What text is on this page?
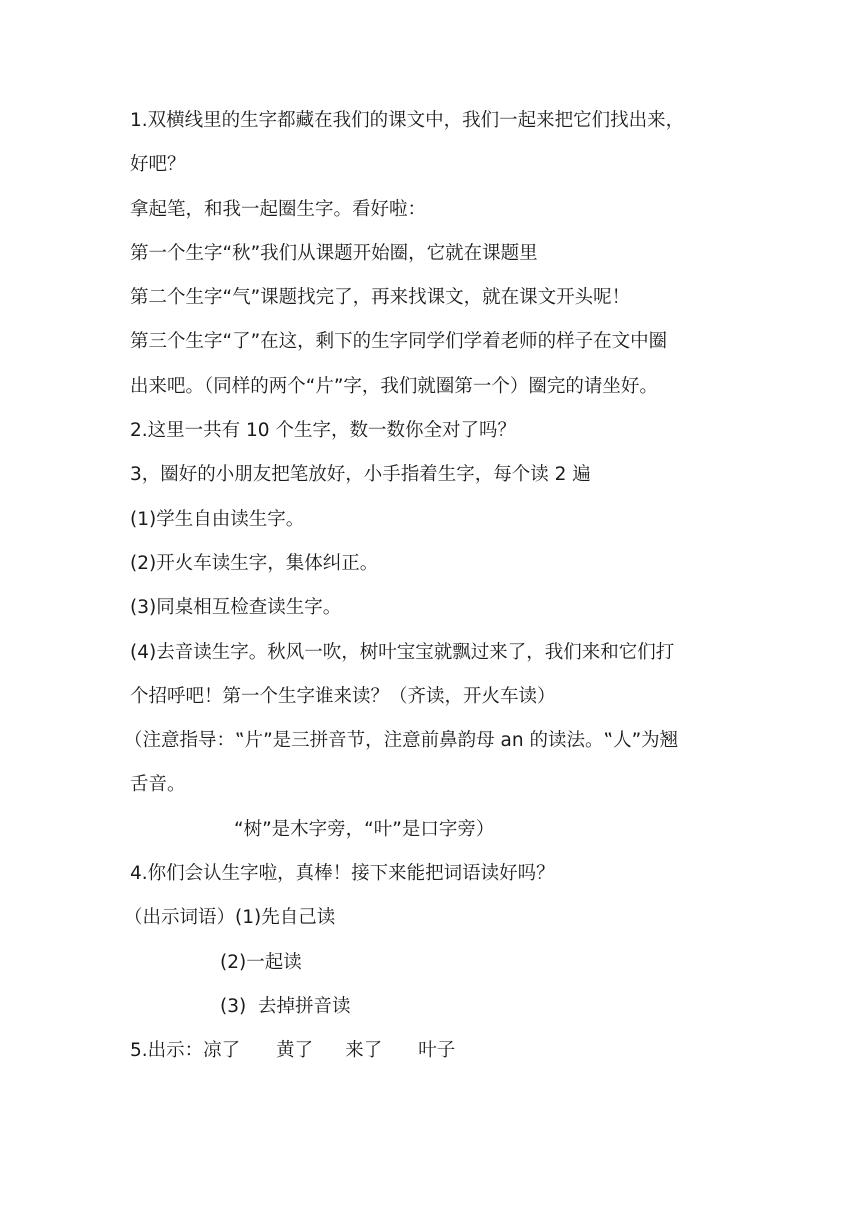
1.双横线里的生字都藏在我们的课文中，我们一起来把它们找出来，
好吧？
拿起笔，和我一起圈生字。看好啦：
第一个生字“秋”我们从课题开始圈，它就在课题里
第二个生字“气”课题找完了，再来找课文，就在课文开头呢！
第三个生字“了”在这，剩下的生字同学们学着老师的样子在文中圈
出来吧。（同样的两个“片”字，我们就圈第一个）圈完的请坐好。
2.这里一共有 10 个生字，数一数你全对了吗？
3，圈好的小朋友把笔放好，小手指着生字，每个读 2 遍
(1)学生自由读生字。
(2)开火车读生字，集体纠正。
(3)同桌相互检查读生字。
(4)去音读生字。秋风一吹，树叶宝宝就飘过来了，我们来和它们打
个招呼吧！第一个生字谁来读？（齐读，开火车读）
（注意指导：‟片”是三拼音节，注意前鼻韵母 an 的读法。‟人”为翘
舌音。
“树”是木字旁，“叶”是口字旁）
4.你们会认生字啦，真棒！接下来能把词语读好吗？
（出示词语）(1)先自己读
(2)一起读
(3)  去掉拼音读
5.出示：凉了 黄了 来了 叶子
